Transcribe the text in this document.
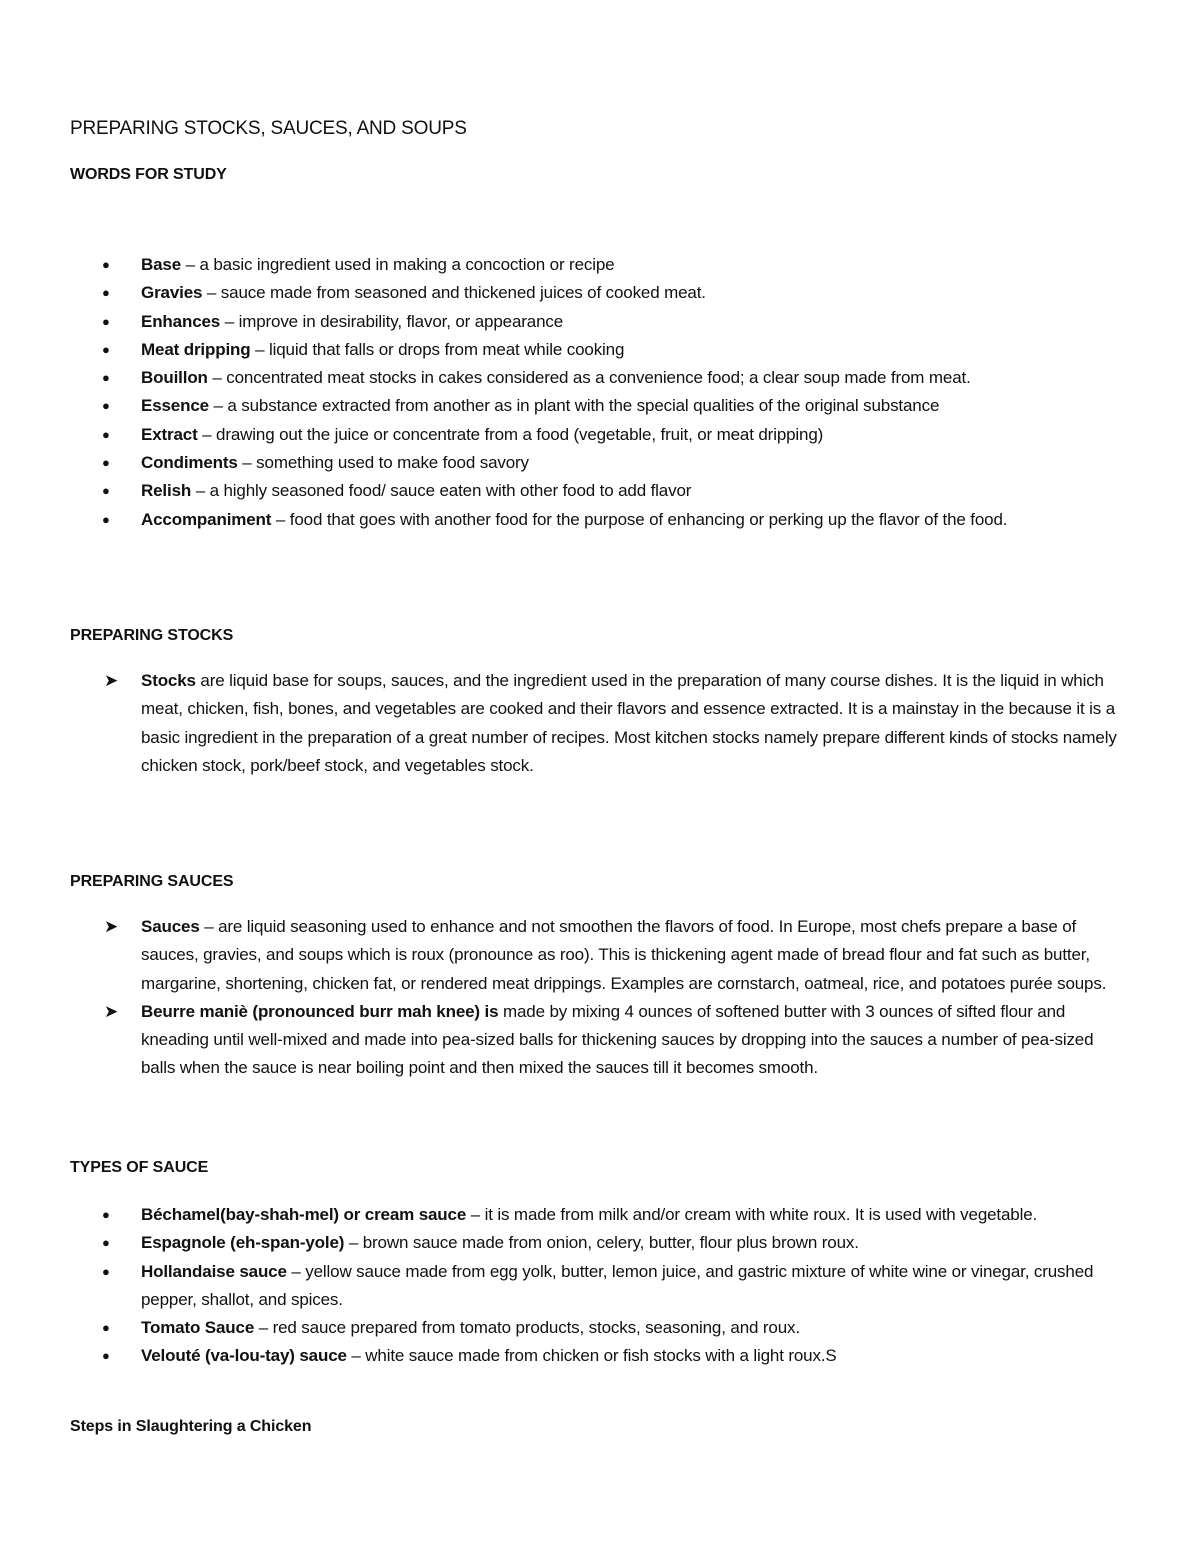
PREPARING STOCKS, SAUCES, AND SOUPS
WORDS FOR STUDY
●	Base – a basic ingredient used in making a concoction or recipe
●	Gravies – sauce made from seasoned and thickened juices of cooked meat.
●	Enhances – improve in desirability, flavor, or appearance
●	Meat dripping – liquid that falls or drops from meat while cooking
●	Bouillon – concentrated meat stocks in cakes considered as a convenience food; a clear soup made from meat.
●	Essence – a substance extracted from another as in plant with the special qualities of the original substance
●	Extract – drawing out the juice or concentrate from a food (vegetable, fruit, or meat dripping)
●	Condiments – something used to make food savory
●	Relish – a highly seasoned food/ sauce eaten with other food to add flavor
●	Accompaniment – food that goes with another food for the purpose of enhancing or perking up the flavor of the food.
PREPARING STOCKS
➤	Stocks are liquid base for soups, sauces, and the ingredient used in the preparation of many course dishes. It is the liquid in which meat, chicken, fish, bones, and vegetables are cooked and their flavors and essence extracted. It is a mainstay in the because it is a basic ingredient in the preparation of a great number of recipes. Most kitchen stocks namely prepare different kinds of stocks namely chicken stock, pork/beef stock, and vegetables stock.
PREPARING SAUCES
➤	Sauces – are liquid seasoning used to enhance and not smoothen the flavors of food. In Europe, most chefs prepare a base of sauces, gravies, and soups which is roux (pronounce as roo). This is thickening agent made of bread flour and fat such as butter, margarine, shortening, chicken fat, or rendered meat drippings. Examples are cornstarch, oatmeal, rice, and potatoes purée soups.
➤	Beurre maniè (pronounced burr mah knee) is made by mixing 4 ounces of softened butter with 3 ounces of sifted flour and kneading until well-mixed and made into pea-sized balls for thickening sauces by dropping into the sauces a number of pea-sized balls when the sauce is near boiling point and then mixed the sauces till it becomes smooth.
TYPES OF SAUCE
●	Béchamel(bay-shah-mel) or cream sauce – it is made from milk and/or cream with white roux. It is used with vegetable.
●	Espagnole (eh-span-yole) – brown sauce made from onion, celery, butter, flour plus brown roux.
●	Hollandaise sauce – yellow sauce made from egg yolk, butter, lemon juice, and gastric mixture of white wine or vinegar, crushed pepper, shallot, and spices.
●	Tomato Sauce – red sauce prepared from tomato products, stocks, seasoning, and roux.
●	Velouté (va-lou-tay) sauce – white sauce made from chicken or fish stocks with a light roux.S
Steps in Slaughtering a Chicken
